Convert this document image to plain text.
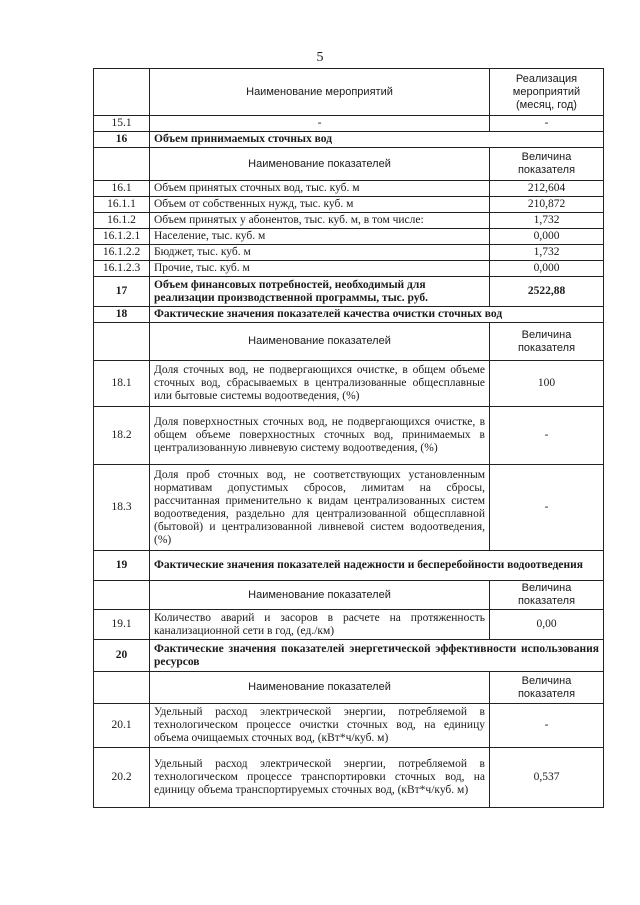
5
	Наименование мероприятий	Реализация мероприятий (месяц, год)
15.1	-	-
16	Объем принимаемых сточных вод	
	Наименование показателей	Величина показателя
16.1	Объем принятых сточных вод, тыс. куб. м	212,604
16.1.1	Объем от собственных нужд, тыс. куб. м	210,872
16.1.2	Объем принятых у абонентов, тыс. куб. м, в том числе:	1,732
16.1.2.1	Население, тыс. куб. м	0,000
16.1.2.2	Бюджет, тыс. куб. м	1,732
16.1.2.3	Прочие, тыс. куб. м	0,000
17	Объем финансовых потребностей, необходимый для реализации производственной программы, тыс. руб.	2522,88
18	Фактические значения показателей качества очистки сточных вод	
	Наименование показателей	Величина показателя
18.1	Доля сточных вод, не подвергающихся очистке, в общем объеме сточных вод, сбрасываемых в централизованные общесплавные или бытовые системы водоотведения, (%)	100
18.2	Доля поверхностных сточных вод, не подвергающихся очистке, в общем объеме поверхностных сточных вод, принимаемых в централизованную ливневую систему водоотведения, (%)	-
18.3	Доля проб сточных вод, не соответствующих установленным нормативам допустимых сбросов, лимитам на сбросы, рассчитанная применительно к видам централизованных систем водоотведения, раздельно для централизованной общесплавной (бытовой) и централизованной ливневой систем водоотведения, (%)	-
19	Фактические значения показателей надежности и бесперебойности водоотведения	
	Наименование показателей	Величина показателя
19.1	Количество аварий и засоров в расчете на протяженность канализационной сети в год, (ед./км)	0,00
20	Фактические значения показателей энергетической эффективности использования ресурсов	
	Наименование показателей	Величина показателя
20.1	Удельный расход электрической энергии, потребляемой в технологическом процессе очистки сточных вод, на единицу объема очищаемых сточных вод, (кВт*ч/куб. м)	-
20.2	Удельный расход электрической энергии, потребляемой в технологическом процессе транспортировки сточных вод, на единицу объема транспортируемых сточных вод, (кВт*ч/куб. м)	0,537
